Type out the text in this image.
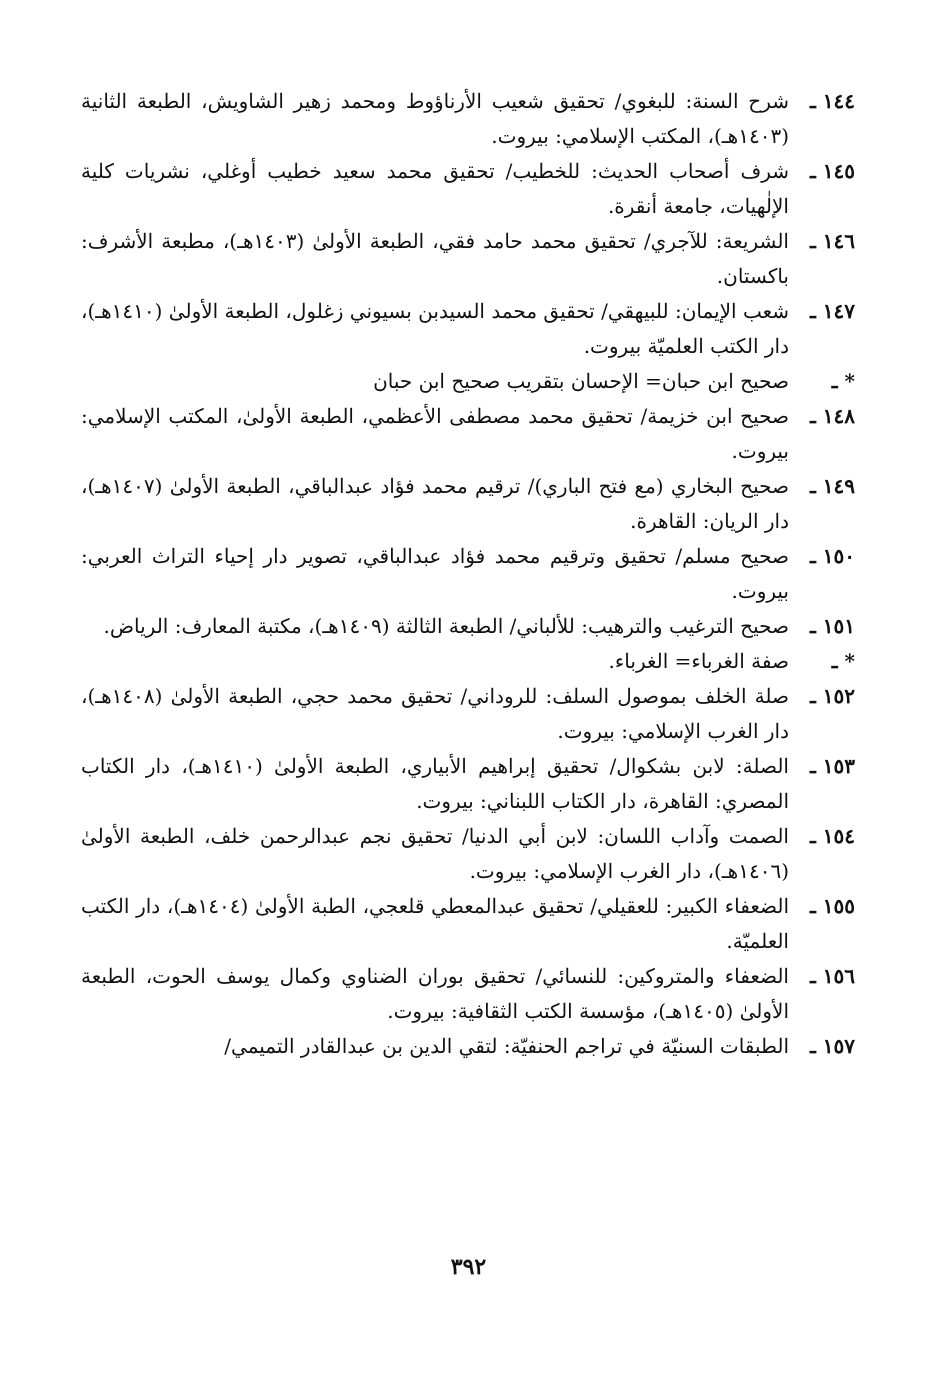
١٤٤ ـ
شرح السنة: للبغوي/ تحقيق شعيب الأرناؤوط ومحمد زهير الشاويش، الطبعة الثانية (١٤٠٣هـ)، المكتب الإسلامي: بيروت.
١٤٥ ـ
شرف أصحاب الحديث: للخطيب/ تحقيق محمد سعيد خطيب أوغلي، نشريات كلية الإلٰهيات، جامعة أنقرة.
١٤٦ ـ
الشريعة: للآجري/ تحقيق محمد حامد فقي، الطبعة الأولىٰ (١٤٠٣هـ)، مطبعة الأشرف: باكستان.
١٤٧ ـ
شعب الإيمان: للبيهقي/ تحقيق محمد السيدبن بسيوني زغلول، الطبعة الأولىٰ (١٤١٠هـ)، دار الكتب العلميّة بيروت.
* ـ
صحيح ابن حبان= الإحسان بتقريب صحيح ابن حبان
١٤٨ ـ
صحيح ابن خزيمة/ تحقيق محمد مصطفى الأعظمي، الطبعة الأولىٰ، المكتب الإسلامي: بيروت.
١٤٩ ـ
صحيح البخاري (مع فتح الباري)/ ترقيم محمد فؤاد عبدالباقي، الطبعة الأولىٰ (١٤٠٧هـ)، دار الريان: القاهرة.
١٥٠ ـ
صحيح مسلم/ تحقيق وترقيم محمد فؤاد عبدالباقي، تصوير دار إحياء التراث العربي: بيروت.
١٥١ ـ
صحيح الترغيب والترهيب: للألباني/ الطبعة الثالثة (١٤٠٩هـ)، مكتبة المعارف: الرياض.
* ـ
صفة الغرباء= الغرباء.
١٥٢ ـ
صلة الخلف بموصول السلف: للروداني/ تحقيق محمد حجي، الطبعة الأولىٰ (١٤٠٨هـ)، دار الغرب الإسلامي: بيروت.
١٥٣ ـ
الصلة: لابن بشكوال/ تحقيق إبراهيم الأبياري، الطبعة الأولىٰ (١٤١٠هـ)، دار الكتاب المصري: القاهرة، دار الكتاب اللبناني: بيروت.
١٥٤ ـ
الصمت وآداب اللسان: لابن أبي الدنيا/ تحقيق نجم عبدالرحمن خلف، الطبعة الأولىٰ (١٤٠٦هـ)، دار الغرب الإسلامي: بيروت.
١٥٥ ـ
الضعفاء الكبير: للعقيلي/ تحقيق عبدالمعطي قلعجي، الطبة الأولىٰ (١٤٠٤هـ)، دار الكتب العلميّة.
١٥٦ ـ
الضعفاء والمتروكين: للنسائي/ تحقيق بوران الضناوي وكمال يوسف الحوت، الطبعة الأولىٰ (١٤٠٥هـ)، مؤسسة الكتب الثقافية: بيروت.
١٥٧ ـ
الطبقات السنيّة في تراجم الحنفيّة: لتقي الدين بن عبدالقادر التميمي/
٣٩٢
